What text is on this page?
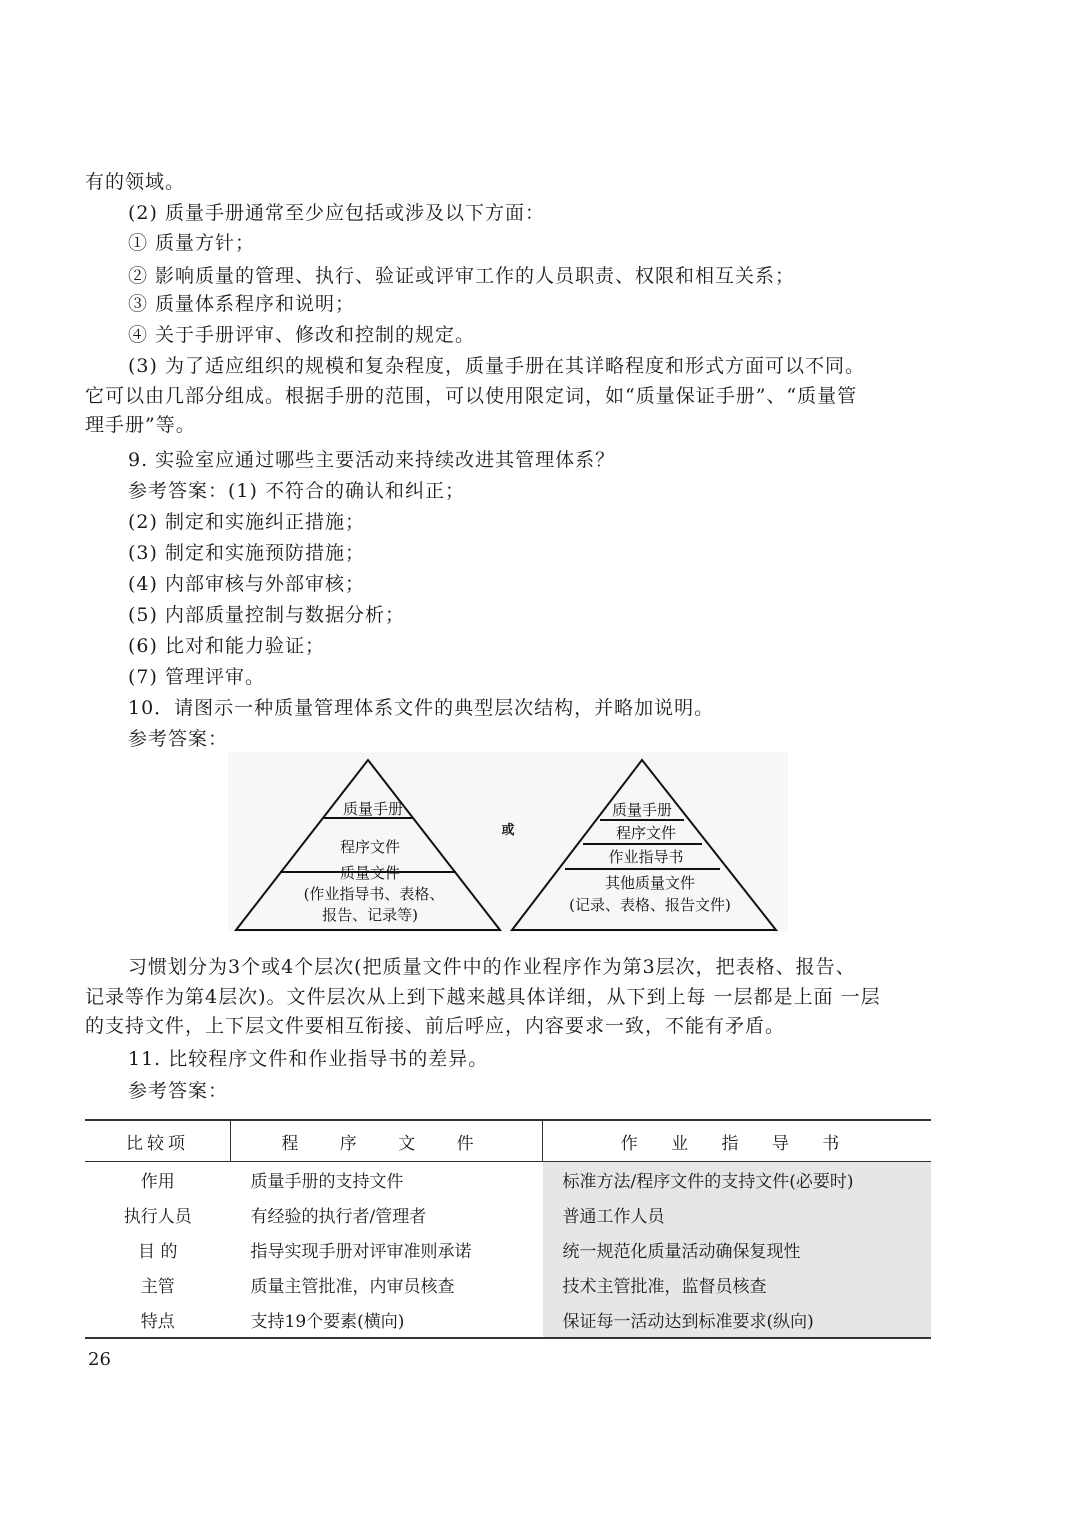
有的领域。
(2) 质量手册通常至少应包括或涉及以下方面：
① 质量方针；
② 影响质量的管理、执行、验证或评审工作的人员职责、权限和相互关系；
③ 质量体系程序和说明；
④ 关于手册评审、修改和控制的规定。
(3) 为了适应组织的规模和复杂程度，质量手册在其详略程度和形式方面可以不同。
它可以由几部分组成。根据手册的范围，可以使用限定词，如“质量保证手册”、“质量管
理手册”等。
9. 实验室应通过哪些主要活动来持续改进其管理体系？
参考答案：(1) 不符合的确认和纠正；
(2) 制定和实施纠正措施；
(3) 制定和实施预防措施；
(4) 内部审核与外部审核；
(5) 内部质量控制与数据分析；
(6) 比对和能力验证；
(7) 管理评审。
10．请图示一种质量管理体系文件的典型层次结构，并略加说明。
参考答案：
质量手册
程序文件
质量文件
(作业指导书、表格、
报告、记录等)
或
质量手册
程序文件
作业指导书
其他质量文件
(记录、表格、报告文件)
习惯划分为3个或4个层次(把质量文件中的作业程序作为第3层次，把表格、报告、
记录等作为第4层次)。文件层次从上到下越来越具体详细，从下到上每 一层都是上面 一层
的支持文件，上下层文件要相互衔接、前后呼应，内容要求一致，不能有矛盾。
11. 比较程序文件和作业指导书的差异。
参考答案：
比较项	程 序 文 件	作 业 指 导 书
作用	质量手册的支持文件	标准方法/程序文件的支持文件(必要时)
执行人员	有经验的执行者/管理者	普通工作人员
目 的	指导实现手册对评审准则承诺	统一规范化质量活动确保复现性
主管	质量主管批准，内审员核查	技术主管批准，监督员核查
特点	支持19个要素(横向)	保证每一活动达到标准要求(纵向)
26
